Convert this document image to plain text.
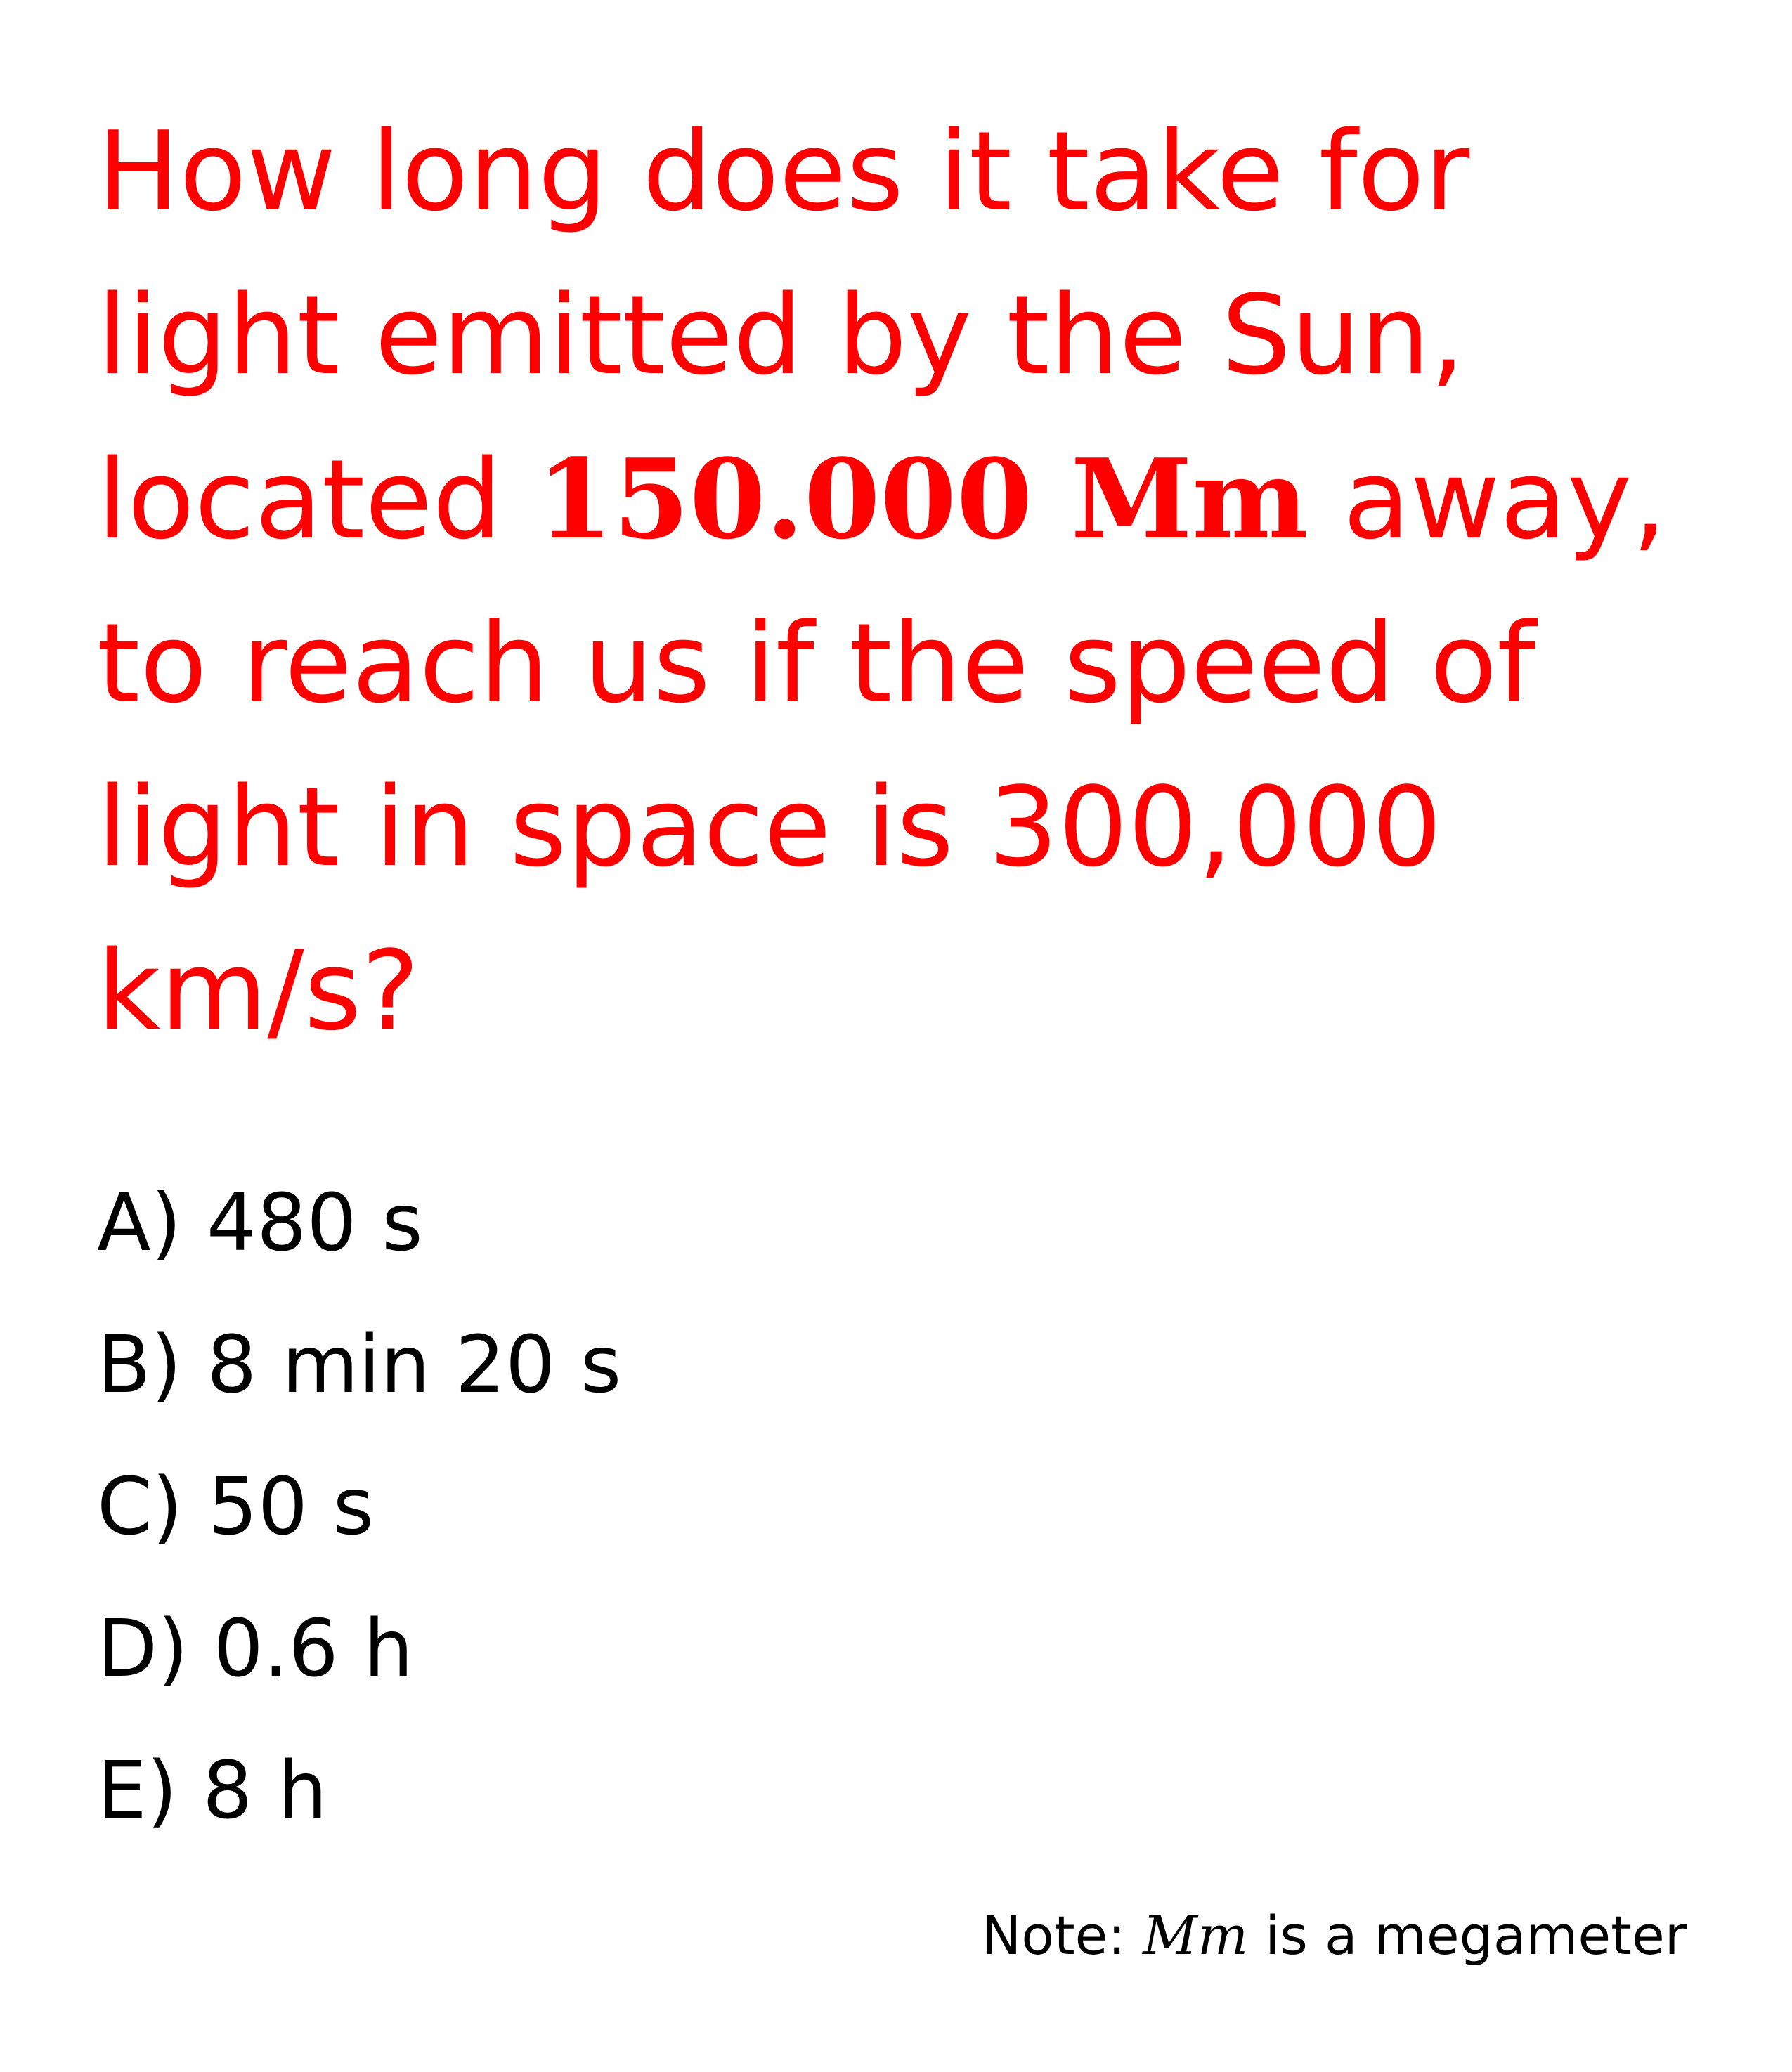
How long does it take for
light emitted by the Sun,
located 150.000 Mm away,
to reach us if the speed of
light in space is 300,000
km/s?

A) 480 s
B) 8 min 20 s
C) 50 s
D) 0.6 h
E) 8 h
Note: Mm is a megameter
